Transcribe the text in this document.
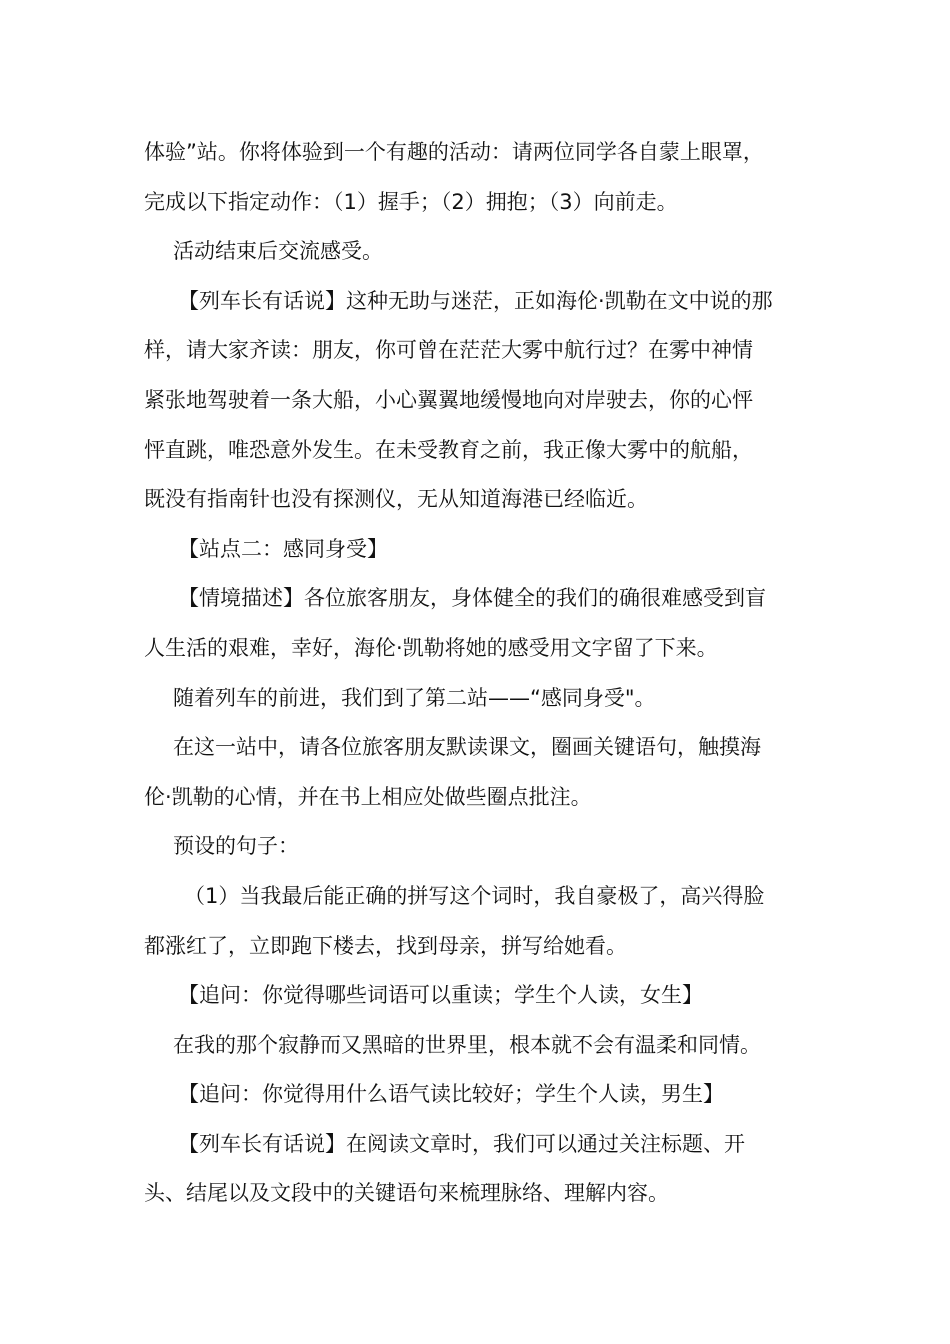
体验”站。你将体验到一个有趣的活动：请两位同学各自蒙上眼罩，
完成以下指定动作：（1）握手；（2）拥抱；（3）向前走。
活动结束后交流感受。
【列车长有话说】这种无助与迷茫，正如海伦·凯勒在文中说的那
样，请大家齐读：朋友，你可曾在茫茫大雾中航行过？在雾中神情
紧张地驾驶着一条大船，小心翼翼地缓慢地向对岸驶去，你的心怦
怦直跳，唯恐意外发生。在未受教育之前，我正像大雾中的航船，
既没有指南针也没有探测仪，无从知道海港已经临近。
【站点二：感同身受】
【情境描述】各位旅客朋友，身体健全的我们的确很难感受到盲
人生活的艰难，幸好，海伦·凯勒将她的感受用文字留了下来。
随着列车的前进，我们到了第二站——“感同身受"。
在这一站中，请各位旅客朋友默读课文，圈画关键语句，触摸海
伦·凯勒的心情，并在书上相应处做些圈点批注。
预设的句子：
（1）当我最后能正确的拼写这个词时，我自豪极了，高兴得脸
都涨红了，立即跑下楼去，找到母亲，拼写给她看。
【追问：你觉得哪些词语可以重读；学生个人读，女生】
在我的那个寂静而又黑暗的世界里，根本就不会有温柔和同情。
【追问：你觉得用什么语气读比较好；学生个人读，男生】
【列车长有话说】在阅读文章时，我们可以通过关注标题、开
头、结尾以及文段中的关键语句来梳理脉络、理解内容。
